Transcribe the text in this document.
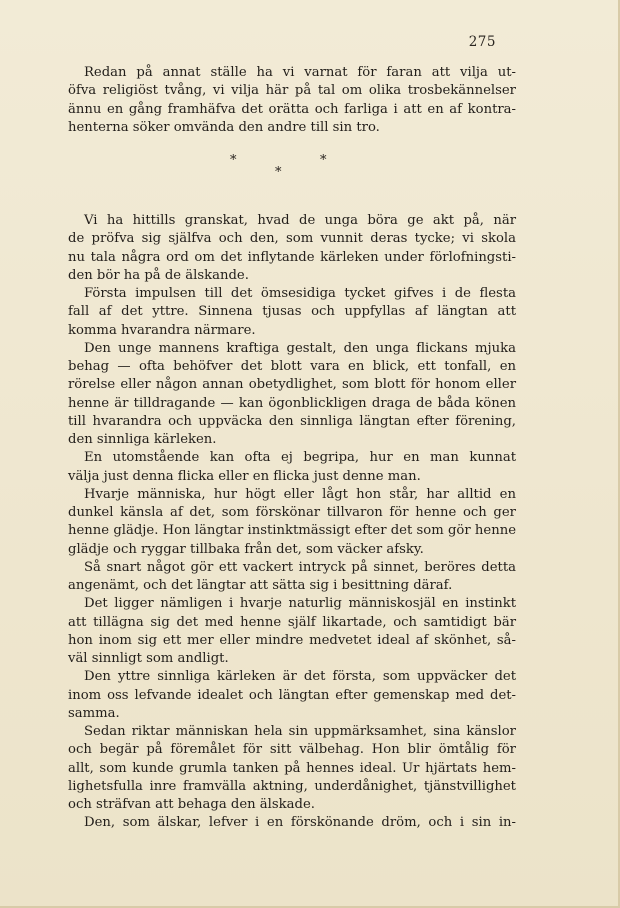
275

Redan på annat ställe ha vi varnat för faran att vilja ut-

öfva religiöst tvång, vi vilja här på tal om olika trosbekännelser

ännu en gång framhäfva det orätta och farliga i att en af kontra-

henterna söker omvända den andre till sin tro.

*	*
*

Vi ha hittills granskat, hvad de unga böra ge akt på, när

de pröfva sig själfva och den, som vunnit deras tycke; vi skola

nu tala några ord om det inflytande kärleken under förlofningsti-

den bör ha på de älskande.

Första impulsen till det ömsesidiga tycket gifves i de flesta

fall af det yttre. Sinnena tjusas och uppfyllas af längtan att

komma hvarandra närmare.

Den unge mannens kraftiga gestalt, den unga flickans mjuka

behag — ofta behöfver det blott vara en blick, ett tonfall, en

rörelse eller någon annan obetydlighet, som blott för honom eller

henne är tilldragande — kan ögonblickligen draga de båda könen

till hvarandra och uppväcka den sinnliga längtan efter förening,

den sinnliga kärleken.

En utomstående kan ofta ej begripa, hur en man kunnat

välja just denna flicka eller en flicka just denne man.

Hvarje människa, hur högt eller lågt hon står, har alltid en

dunkel känsla af det, som förskönar tillvaron för henne och ger

henne glädje. Hon längtar instinktmässigt efter det som gör henne

glädje och ryggar tillbaka från det, som väcker afsky.

Så snart något gör ett vackert intryck på sinnet, beröres detta

angenämt, och det längtar att sätta sig i besittning däraf.

Det ligger nämligen i hvarje naturlig människosjäl en instinkt

att tillägna sig det med henne själf likartade, och samtidigt bär

hon inom sig ett mer eller mindre medvetet ideal af skönhet, så-

väl sinnligt som andligt.

Den yttre sinnliga kärleken är det första, som uppväcker det

inom oss lefvande idealet och längtan efter gemenskap med det-

samma.

Sedan riktar människan hela sin uppmärksamhet, sina känslor

och begär på föremålet för sitt välbehag. Hon blir ömtålig för

allt, som kunde grumla tanken på hennes ideal. Ur hjärtats hem-

lighetsfulla inre framvälla aktning, underdånighet, tjänstvillighet

och sträfvan att behaga den älskade.

Den, som älskar, lefver i en förskönande dröm, och i sin in-
